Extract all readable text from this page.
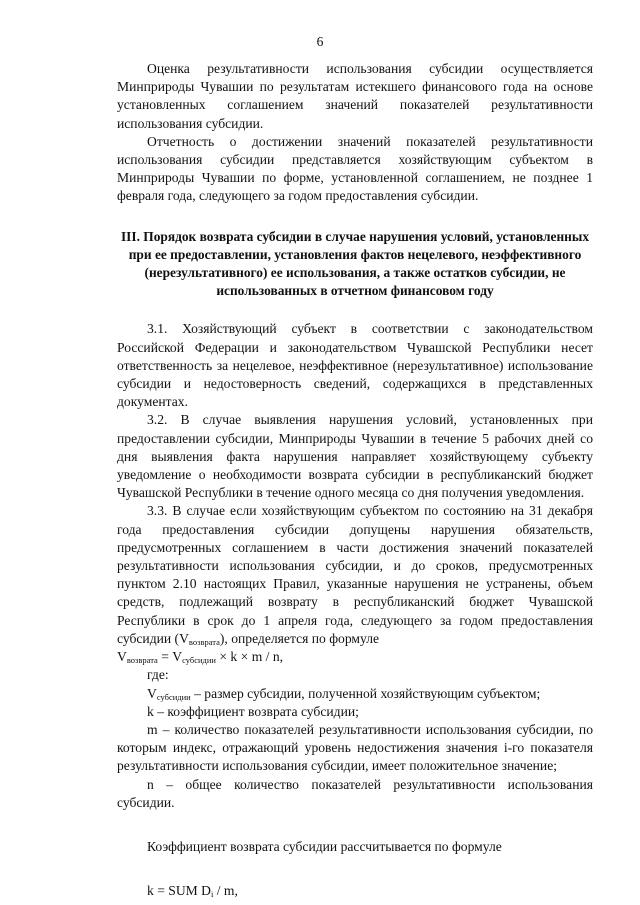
6

Оценка результативности использования субсидии осуществляется Минприроды Чувашии по результатам истекшего финансового года на основе установленных соглашением значений показателей результативности использования субсидии.

Отчетность о достижении значений показателей результативности использования субсидии представляется хозяйствующим субъектом в Минприроды Чувашии по форме, установленной соглашением, не позднее 1 февраля года, следующего за годом предоставления субсидии.

III. Порядок возврата субсидии в случае нарушения условий, установленных при ее предоставлении, установления фактов нецелевого, неэффективного (нерезультативного) ее использования, а также остатков субсидии, не использованных в отчетном финансовом году

3.1. Хозяйствующий субъект в соответствии с законодательством Российской Федерации и законодательством Чувашской Республики несет ответственность за нецелевое, неэффективное (нерезультативное) использование субсидии и недостоверность сведений, содержащихся в представленных документах.

3.2. В случае выявления нарушения условий, установленных при предоставлении субсидии, Минприроды Чувашии в течение 5 рабочих дней со дня выявления факта нарушения направляет хозяйствующему субъекту уведомление о необходимости возврата субсидии в республиканский бюджет Чувашской Республики в течение одного месяца со дня получения уведомления.

3.3. В случае если хозяйствующим субъектом по состоянию на 31 декабря года предоставления субсидии допущены нарушения обязательств, предусмотренных соглашением в части достижения значений показателей результативности использования субсидии, и до сроков, предусмотренных пунктом 2.10 настоящих Правил, указанные нарушения не устранены, объем средств, подлежащий возврату в республиканский бюджет Чувашской Республики в срок до 1 апреля года, следующего за годом предоставления субсидии $(V_{возврата})$, определяется по формуле

$V_{возврата} = V_{субсидии} \times k \times m / n$,

где:

$V_{субсидии}$ – размер субсидии, полученной хозяйствующим субъектом;

k – коэффициент возврата субсидии;

m – количество показателей результативности использования субсидии, по которым индекс, отражающий уровень недостижения значения i-го показателя результативности использования субсидии, имеет положительное значение;

n – общее количество показателей результативности использования субсидии.

Коэффициент возврата субсидии рассчитывается по формуле

k = SUM $D_i$ / m,
